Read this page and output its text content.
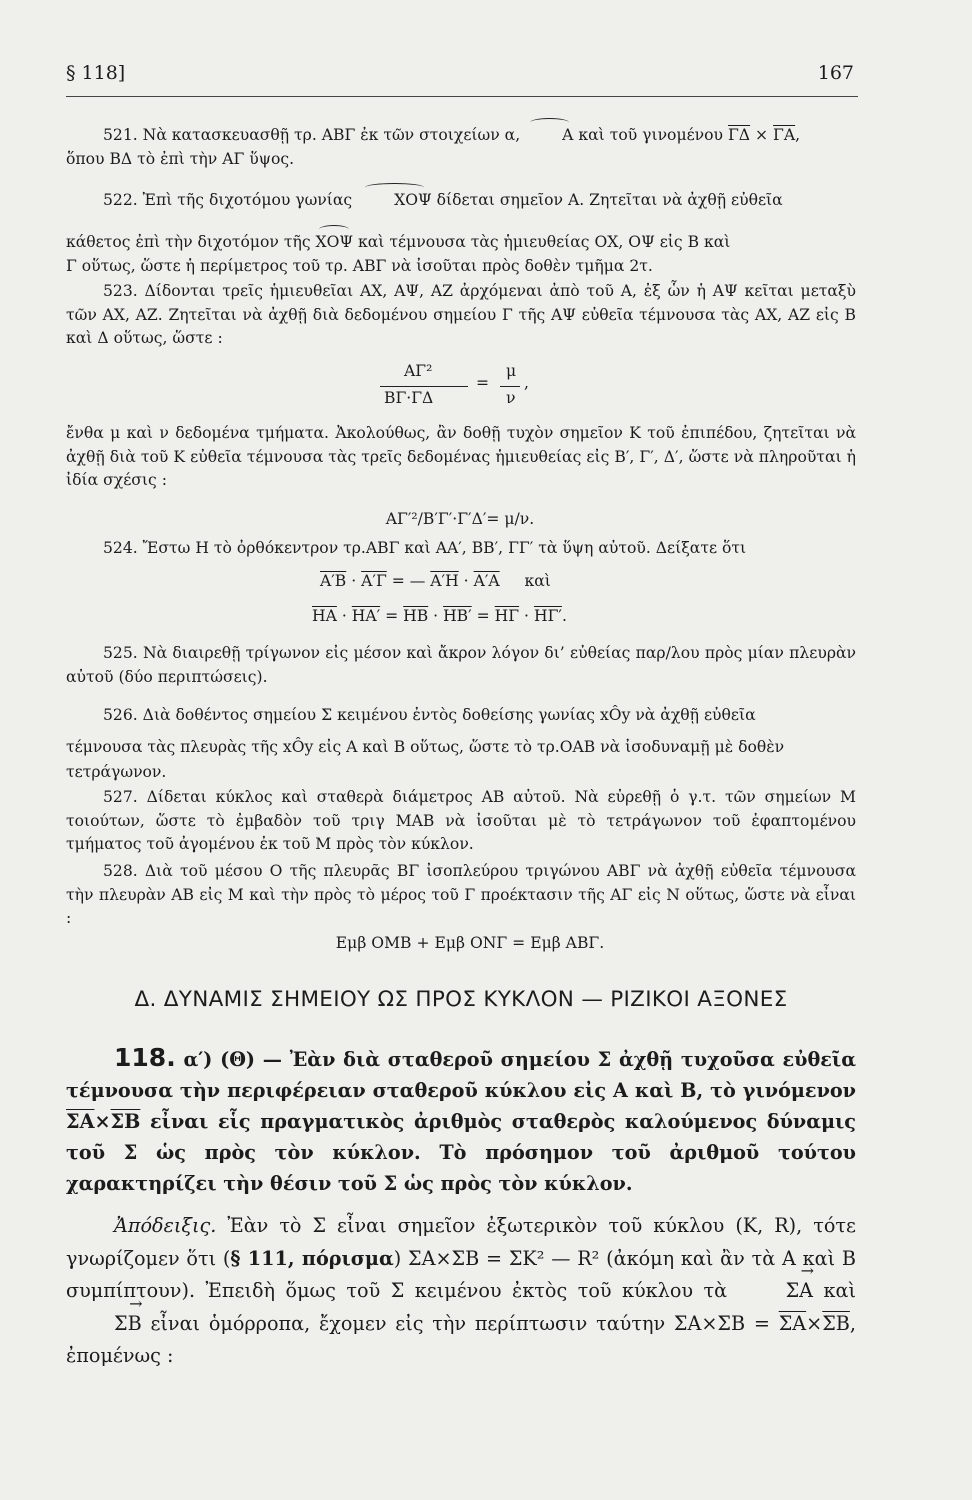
§ 118]	167
521. Νὰ κατασκευασθῇ τρ. ΑΒΓ ἐκ τῶν στοιχείων α, Α καὶ τοῦ γινομένου $\overline{\Gamma\Delta} \times \overline{\Gamma A}$,
ὅπου ΒΔ τὸ ἐπὶ τὴν ΑΓ ὕψος.
522. Ἐπὶ τῆς διχοτόμου γωνίας ΧΟΨ δίδεται σημεῖον Α. Ζητεῖται νὰ ἀχθῇ εὐθεῖα
κάθετος ἐπὶ τὴν διχοτόμον τῆς ΧΟΨ καὶ τέμνουσα τὰς ἡμιευθείας ΟΧ, ΟΨ εἰς Β καὶ
Γ οὕτως, ὥστε ἡ περίμετρος τοῦ τρ. ΑΒΓ νὰ ἰσοῦται πρὸς δοθὲν τμῆμα 2τ.
523. Δίδονται τρεῖς ἡμιευθεῖαι ΑΧ, ΑΨ, ΑΖ ἀρχόμεναι ἀπὸ τοῦ Α, ἐξ ὧν ἡ ΑΨ κεῖται μεταξὺ τῶν ΑΧ, ΑΖ. Ζητεῖται νὰ ἀχθῇ διὰ δεδομένου σημείου Γ τῆς ΑΨ εὐθεῖα τέμνουσα τὰς ΑΧ, ΑΖ εἰς Β καὶ Δ οὕτως, ὥστε :
ΑΓ²
ΒΓ·ΓΔ
=
μ
ν
,
ἔνθα μ καὶ ν δεδομένα τμήματα. Ἀκολούθως, ἂν δοθῇ τυχὸν σημεῖον Κ τοῦ ἐπιπέδου, ζητεῖται νὰ ἀχθῇ διὰ τοῦ Κ εὐθεῖα τέμνουσα τὰς τρεῖς δεδομένας ἡμιευθείας εἰς Β′, Γ′, Δ′, ὥστε νὰ πληροῦται ἡ ἰδία σχέσις :
ΑΓ′²/Β′Γ′·Γ′Δ′= μ/ν.
524. Ἔστω Η τὸ ὀρθόκεντρον τρ.ΑΒΓ καὶ ΑΑ′, ΒΒ′, ΓΓ′ τὰ ὕψη αὐτοῦ. Δείξατε ὅτι
Α′Β · Α′Γ = — Α′Η · Α′Α καὶ
$\overline{HA} \cdot HA' = \overline{HB} \cdot HB' = \overline{H\Gamma} \cdot H\Gamma'$.
525. Νὰ διαιρεθῇ τρίγωνον εἰς μέσον καὶ ἄκρον λόγον δι’ εὐθείας παρ/λου πρὸς μίαν πλευρὰν αὐτοῦ (δύο περιπτώσεις).
526. Διὰ δοθέντος σημείου Σ κειμένου ἐντὸς δοθείσης γωνίας xÔy νὰ ἀχθῇ εὐθεῖα
τέμνουσα τὰς πλευρὰς τῆς xÔy εἰς Α καὶ Β οὕτως, ὥστε τὸ τρ.ΟΑΒ νὰ ἰσοδυναμῇ μὲ δοθὲν
τετράγωνον.
527. Δίδεται κύκλος καὶ σταθερὰ διάμετρος ΑΒ αὐτοῦ. Νὰ εὑρεθῇ ὁ γ.τ. τῶν σημείων Μ τοιούτων, ὥστε τὸ ἐμβαδὸν τοῦ τριγ ΜΑΒ νὰ ἰσοῦται μὲ τὸ τετράγωνον τοῦ ἐφαπτομένου τμήματος τοῦ ἀγομένου ἐκ τοῦ Μ πρὸς τὸν κύκλον.
528. Διὰ τοῦ μέσου Ο τῆς πλευρᾶς ΒΓ ἰσοπλεύρου τριγώνου ΑΒΓ νὰ ἀχθῇ εὐθεῖα τέμνουσα τὴν πλευρὰν ΑΒ εἰς Μ καὶ τὴν πρὸς τὸ μέρος τοῦ Γ προέκτασιν τῆς ΑΓ εἰς Ν οὕτως, ὥστε νὰ εἶναι :
Εμβ ΟΜΒ + Εμβ ΟΝΓ = Εμβ ΑΒΓ.
Δ. ΔΥΝΑΜΙΣ ΣΗΜΕΙΟΥ ΩΣ ΠΡΟΣ ΚΥΚΛΟΝ — ΡΙΖΙΚΟΙ ΑΞΟΝΕΣ
118. α′) (Θ) — Ἐὰν διὰ σταθεροῦ σημείου Σ ἀχθῇ τυχοῦσα εὐθεῖα τέμνουσα τὴν περιφέρειαν σταθεροῦ κύκλου εἰς Α καὶ Β, τὸ γινόμενον $\overline{\Sigma A}\times\overline{\Sigma B}$ εἶναι εἷς πραγματικὸς ἀριθμὸς σταθερὸς καλούμενος δύναμις τοῦ Σ ὡς πρὸς τὸν κύκλον. Τὸ πρόσημον τοῦ ἀριθμοῦ τούτου χαρακτηρίζει τὴν θέσιν τοῦ Σ ὡς πρὸς τὸν κύκλον.
Ἀπόδειξις. Ἐὰν τὸ Σ εἶναι σημεῖον ἐξωτερικὸν τοῦ κύκλου (Κ, R), τότε γνωρίζομεν ὅτι (§ 111, πόρισμα) ΣΑ×ΣΒ = ΣΚ² — R² (ἀκόμη καὶ ἂν τὰ Α καὶ Β συμπίπτουν). Ἐπειδὴ ὅμως τοῦ Σ κειμένου ἐκτὸς τοῦ κύκλου τὰ	→ ΣΑ καὶ → ΣΒ εἶναι ὁμόρροπα, ἔχομεν εἰς τὴν περίπτωσιν ταύτην $\Sigma A\times\Sigma B = \overline{\Sigma A}\times\overline{\Sigma B}$, ἐπομένως :
